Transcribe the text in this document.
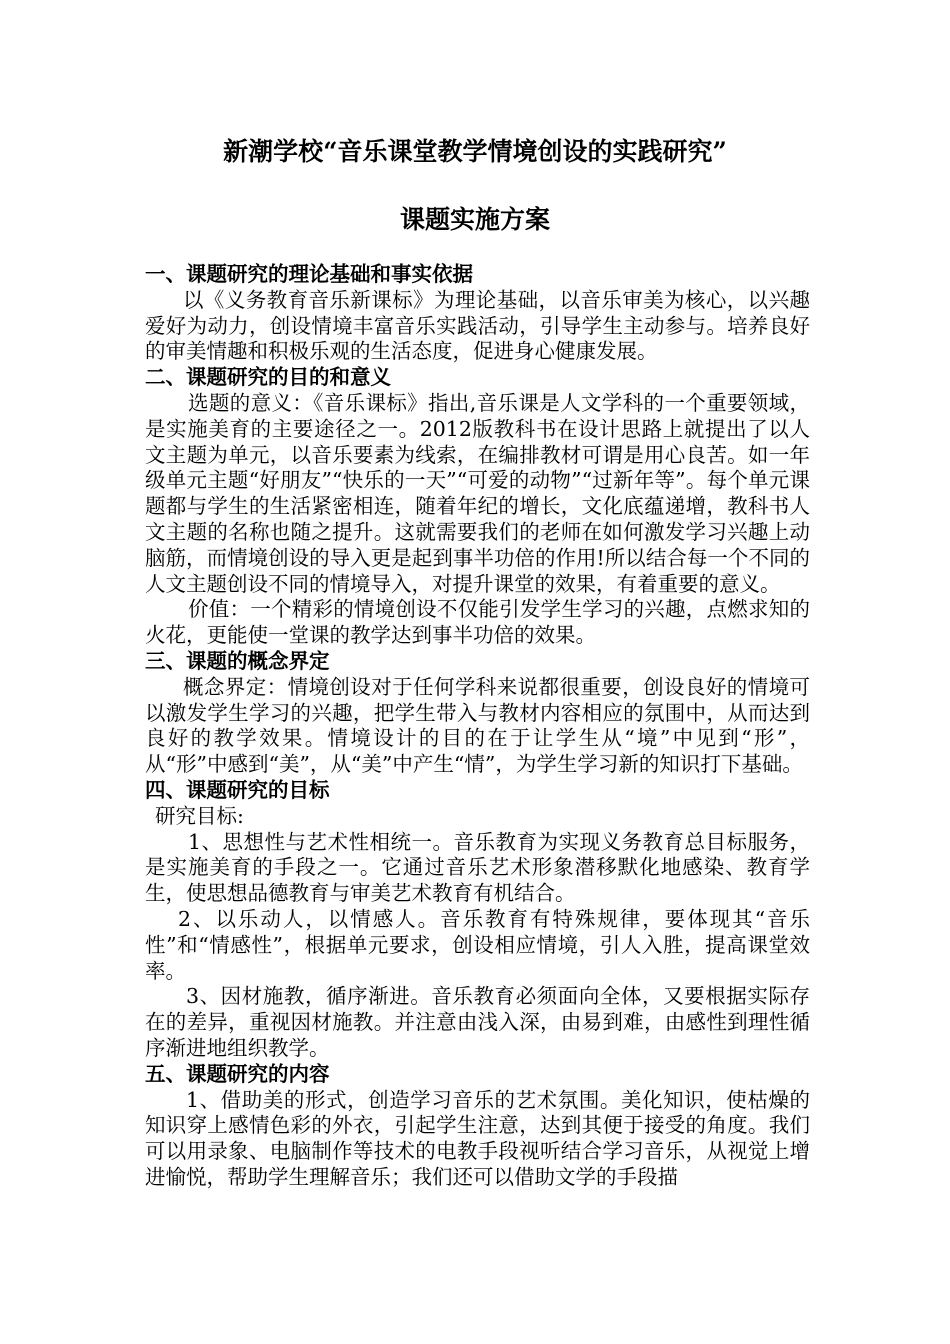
新潮学校“音乐课堂教学情境创设的实践研究”
课题实施方案

一、课题研究的理论基础和事实依据

以《义务教育音乐新课标》为理论基础，以音乐审美为核心，以兴趣爱好为动力，创设情境丰富音乐实践活动，引导学生主动参与。培养良好的审美情趣和积极乐观的生活态度，促进身心健康发展。

二、课题研究的目的和意义

选题的意义：《音乐课标》指出,音乐课是人文学科的一个重要领域，是实施美育的主要途径之一。2012版教科书在设计思路上就提出了以人文主题为单元，以音乐要素为线索，在编排教材可谓是用心良苦。如一年级单元主题“好朋友”“快乐的一天”“可爱的动物”“过新年等”。每个单元课题都与学生的生活紧密相连，随着年纪的增长，文化底蕴递增，教科书人文主题的名称也随之提升。这就需要我们的老师在如何激发学习兴趣上动脑筋，而情境创设的导入更是起到事半功倍的作用!所以结合每一个不同的人文主题创设不同的情境导入，对提升课堂的效果，有着重要的意义。

价值：一个精彩的情境创设不仅能引发学生学习的兴趣，点燃求知的火花，更能使一堂课的教学达到事半功倍的效果。

三、课题的概念界定

概念界定：情境创设对于任何学科来说都很重要，创设良好的情境可以激发学生学习的兴趣，把学生带入与教材内容相应的氛围中，从而达到良好的教学效果。情境设计的目的在于让学生从“境”中见到“形”，从“形”中感到“美”，从“美”中产生“情”，为学生学习新的知识打下基础。

四、课题研究的目标

研究目标:

1、思想性与艺术性相统一。音乐教育为实现义务教育总目标服务，是实施美育的手段之一。它通过音乐艺术形象潜移默化地感染、教育学生，使思想品德教育与审美艺术教育有机结合。

2、以乐动人，以情感人。音乐教育有特殊规律，要体现其“音乐性”和“情感性”，根据单元要求，创设相应情境，引人入胜，提高课堂效率。

3、因材施教，循序渐进。音乐教育必须面向全体，又要根据实际存在的差异，重视因材施教。并注意由浅入深，由易到难，由感性到理性循序渐进地组织教学。

五、课题研究的内容

1、借助美的形式，创造学习音乐的艺术氛围。美化知识，使枯燥的知识穿上感情色彩的外衣，引起学生注意，达到其便于接受的角度。我们可以用录象、电脑制作等技术的电教手段视听结合学习音乐，从视觉上增进愉悦，帮助学生理解音乐；我们还可以借助文学的手段描
